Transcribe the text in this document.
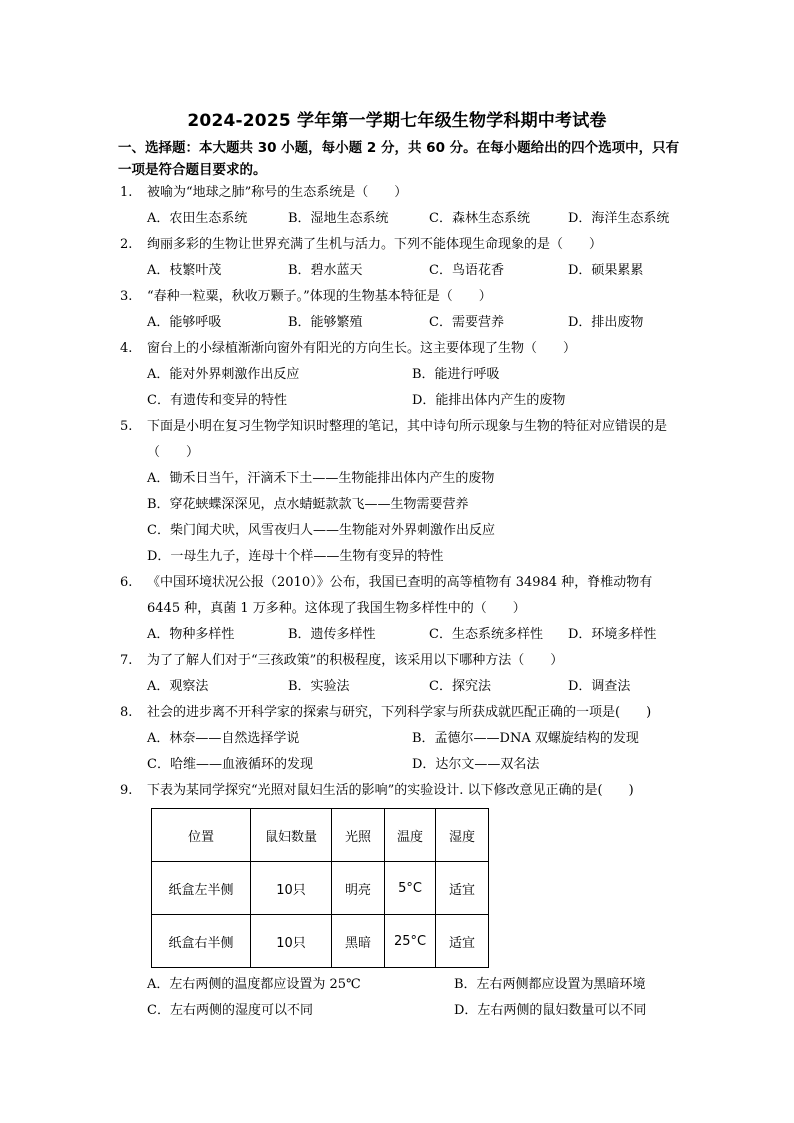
2024-2025 学年第一学期七年级生物学科期中考试卷
一、选择题：本大题共 30 小题，每小题 2 分，共 60 分。在每小题给出的四个选项中，只有一项是符合题目要求的。
1. 被喻为“地球之肺”称号的生态系统是（　　）
A．农田生态系统	B．湿地生态系统	C．森林生态系统	D．海洋生态系统
2. 绚丽多彩的生物让世界充满了生机与活力。下列不能体现生命现象的是（　　）
A．枝繁叶茂	B．碧水蓝天	C．鸟语花香	D．硕果累累
3. “春种一粒粟，秋收万颗子。”体现的生物基本特征是（　　）
A．能够呼吸	B．能够繁殖	C．需要营养	D．排出废物
4. 窗台上的小绿植渐渐向窗外有阳光的方向生长。这主要体现了生物（　　）
A．能对外界刺激作出反应	B．能进行呼吸
C．有遗传和变异的特性	D．能排出体内产生的废物
5. 下面是小明在复习生物学知识时整理的笔记，其中诗句所示现象与生物的特征对应错误的是（　　）
A．锄禾日当午，汗滴禾下土——生物能排出体内产生的废物
B．穿花蛱蝶深深见，点水蜻蜓款款飞——生物需要营养
C．柴门闻犬吠，风雪夜归人——生物能对外界刺激作出反应
D．一母生九子，连母十个样——生物有变异的特性
6. 《中国环境状况公报（2010）》公布，我国已查明的高等植物有 34984 种，脊椎动物有 6445 种，真菌 1 万多种。这体现了我国生物多样性中的（　　）
A．物种多样性	B．遗传多样性	C．生态系统多样性 D．环境多样性
7. 为了了解人们对于“三孩政策”的积极程度，该采用以下哪种方法（　　）
A．观察法	B．实验法	C．探究法	D．调查法
8. 社会的进步离不开科学家的探索与研究，下列科学家与所获成就匹配正确的一项是(　　)
A．林奈——自然选择学说	B．孟德尔——DNA 双螺旋结构的发现
C．哈维——血液循环的发现	D．达尔文——双名法
9. 下表为某同学探究“光照对鼠妇生活的影响”的实验设计. 以下修改意见正确的是(　　)
位置	鼠妇数量	光照	温度	湿度
纸盒左半侧	10只	明亮	5°C	适宜
纸盒右半侧	10只	黑暗	25°C	适宜
A．左右两侧的温度都应设置为 25℃	B．左右两侧都应设置为黑暗环境
C．左右两侧的湿度可以不同	D．左右两侧的鼠妇数量可以不同
